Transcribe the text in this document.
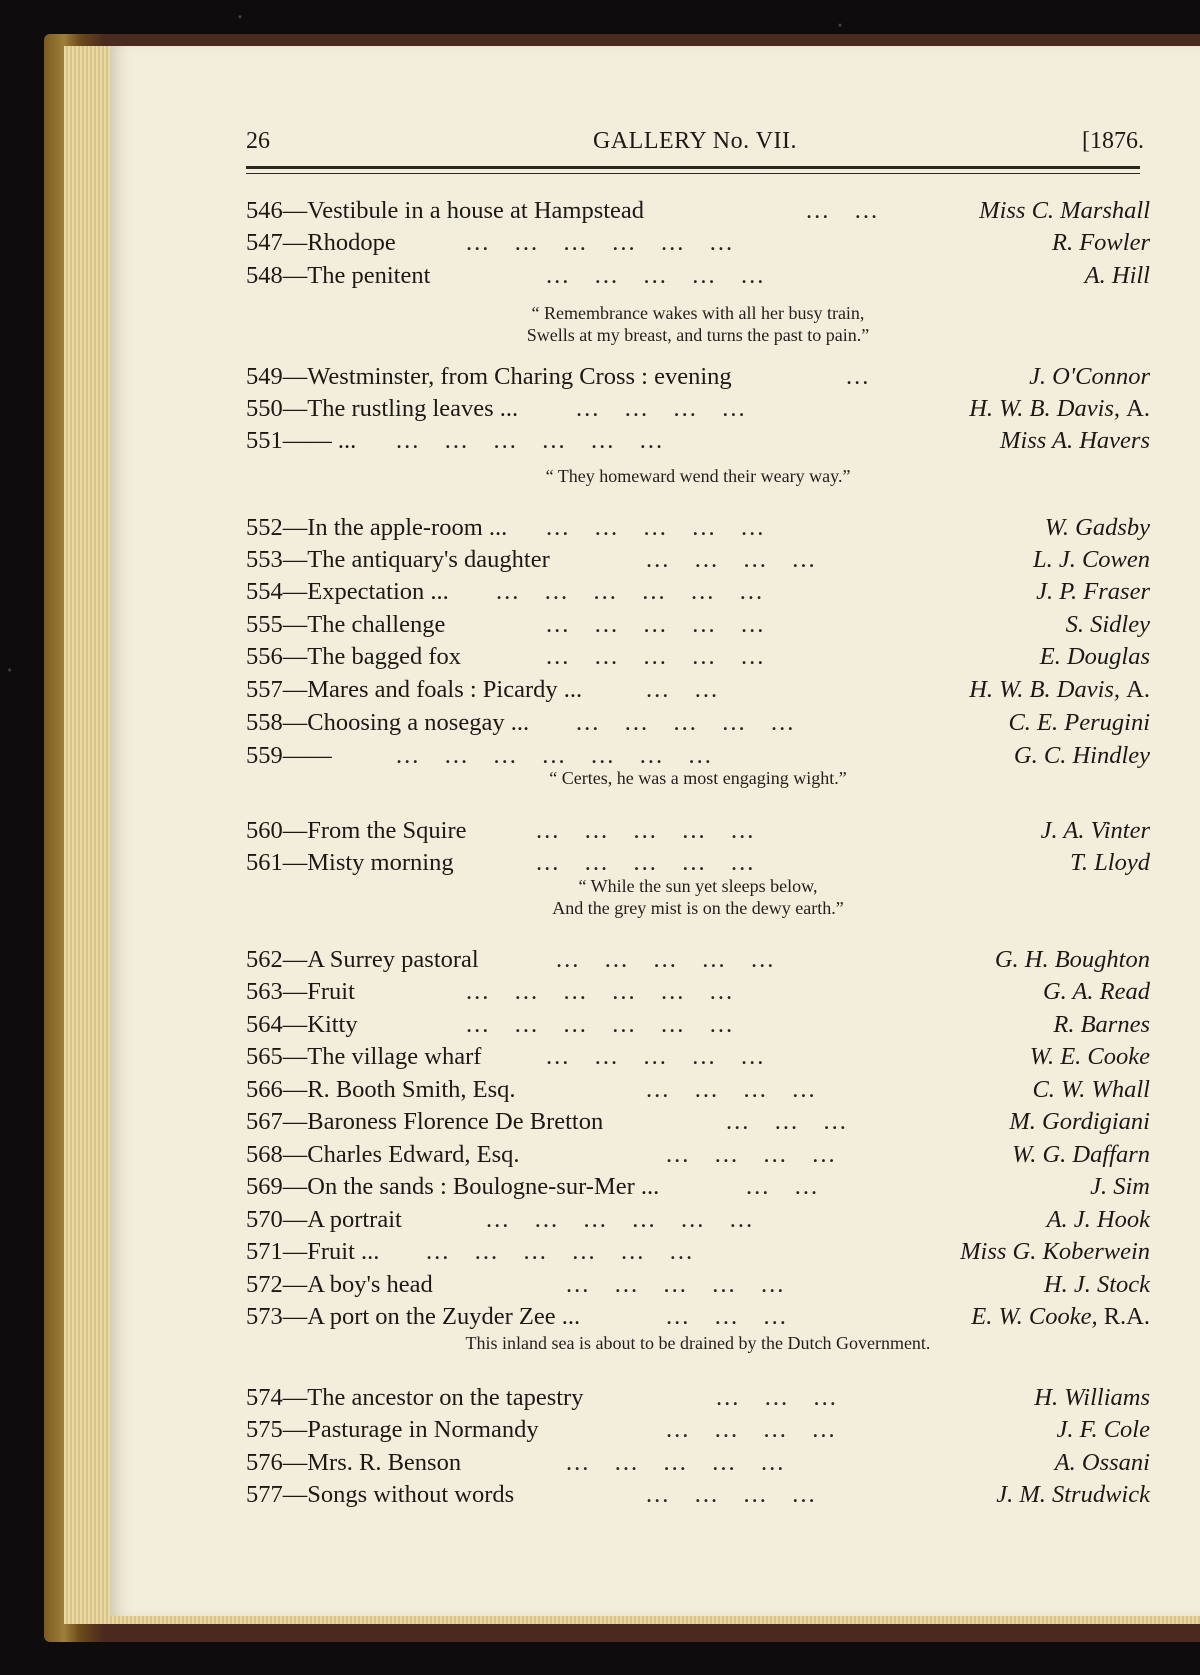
26	GALLERY No. VII.	[1876.
546—Vestibule in a house at Hampstead	...   ...	Miss C. Marshall
547—Rhodope	...   ...   ...   ...   ...   ...	R. Fowler
548—The penitent	...   ...   ...   ...   ...	A. Hill
549—Westminster, from Charing Cross : evening	...	J. O'Connor
550—The rustling leaves ... ...   ...   ...   ...	H. W. B. Davis, A.
551—— ... ...   ...   ...   ...   ...   ...	Miss A. Havers
552—In the apple-room ... ...   ...   ...   ...   ...	W. Gadsby
553—The antiquary's daughter	...   ...   ...   ...	L. J. Cowen
554—Expectation ... ...   ...   ...   ...   ...   ...	J. P. Fraser
555—The challenge	...   ...   ...   ...   ...	S. Sidley
556—The bagged fox	...   ...   ...   ...   ...	E. Douglas
557—Mares and foals : Picardy ...	...   ...	H. W. B. Davis, A.
558—Choosing a nosegay ... ...   ...   ...   ...   ...	C. E. Perugini
559——	...   ...   ...   ...   ...   ...   ...	G. C. Hindley
560—From the Squire	...   ...   ...   ...   ...	J. A. Vinter
561—Misty morning	...   ...   ...   ...   ...	T. Lloyd
562—A Surrey pastoral	...   ...   ...   ...   ...	G. H. Boughton
563—Fruit	...   ...   ...   ...   ...   ...	G. A. Read
564—Kitty	...   ...   ...   ...   ...   ...	R. Barnes
565—The village wharf	...   ...   ...   ...   ...	W. E. Cooke
566—R. Booth Smith, Esq.	...   ...   ...   ...	C. W. Whall
567—Baroness Florence De Bretton	...   ...   ...	M. Gordigiani
568—Charles Edward, Esq.	...   ...   ...   ...	W. G. Daffarn
569—On the sands : Boulogne-sur-Mer ...	...   ...	J. Sim
570—A portrait	...   ...   ...   ...   ...   ...	A. J. Hook
571—Fruit ... ...   ...   ...   ...   ...   ...	Miss G. Koberwein
572—A boy's head	...   ...   ...   ...   ...	H. J. Stock
573—A port on the Zuyder Zee ...	...   ...   ...	E. W. Cooke, R.A.
574—The ancestor on the tapestry	...   ...   ...	H. Williams
575—Pasturage in Normandy	...   ...   ...   ...	J. F. Cole
576—Mrs. R. Benson	...   ...   ...   ...   ...	A. Ossani
577—Songs without words	...   ...   ...   ...	J. M. Strudwick
“ Remembrance wakes with all her busy train,
Swells at my breast, and turns the past to pain.”
“ They homeward wend their weary way.”
“ Certes, he was a most engaging wight.”
“ While the sun yet sleeps below,
And the grey mist is on the dewy earth.”
This inland sea is about to be drained by the Dutch Government.
